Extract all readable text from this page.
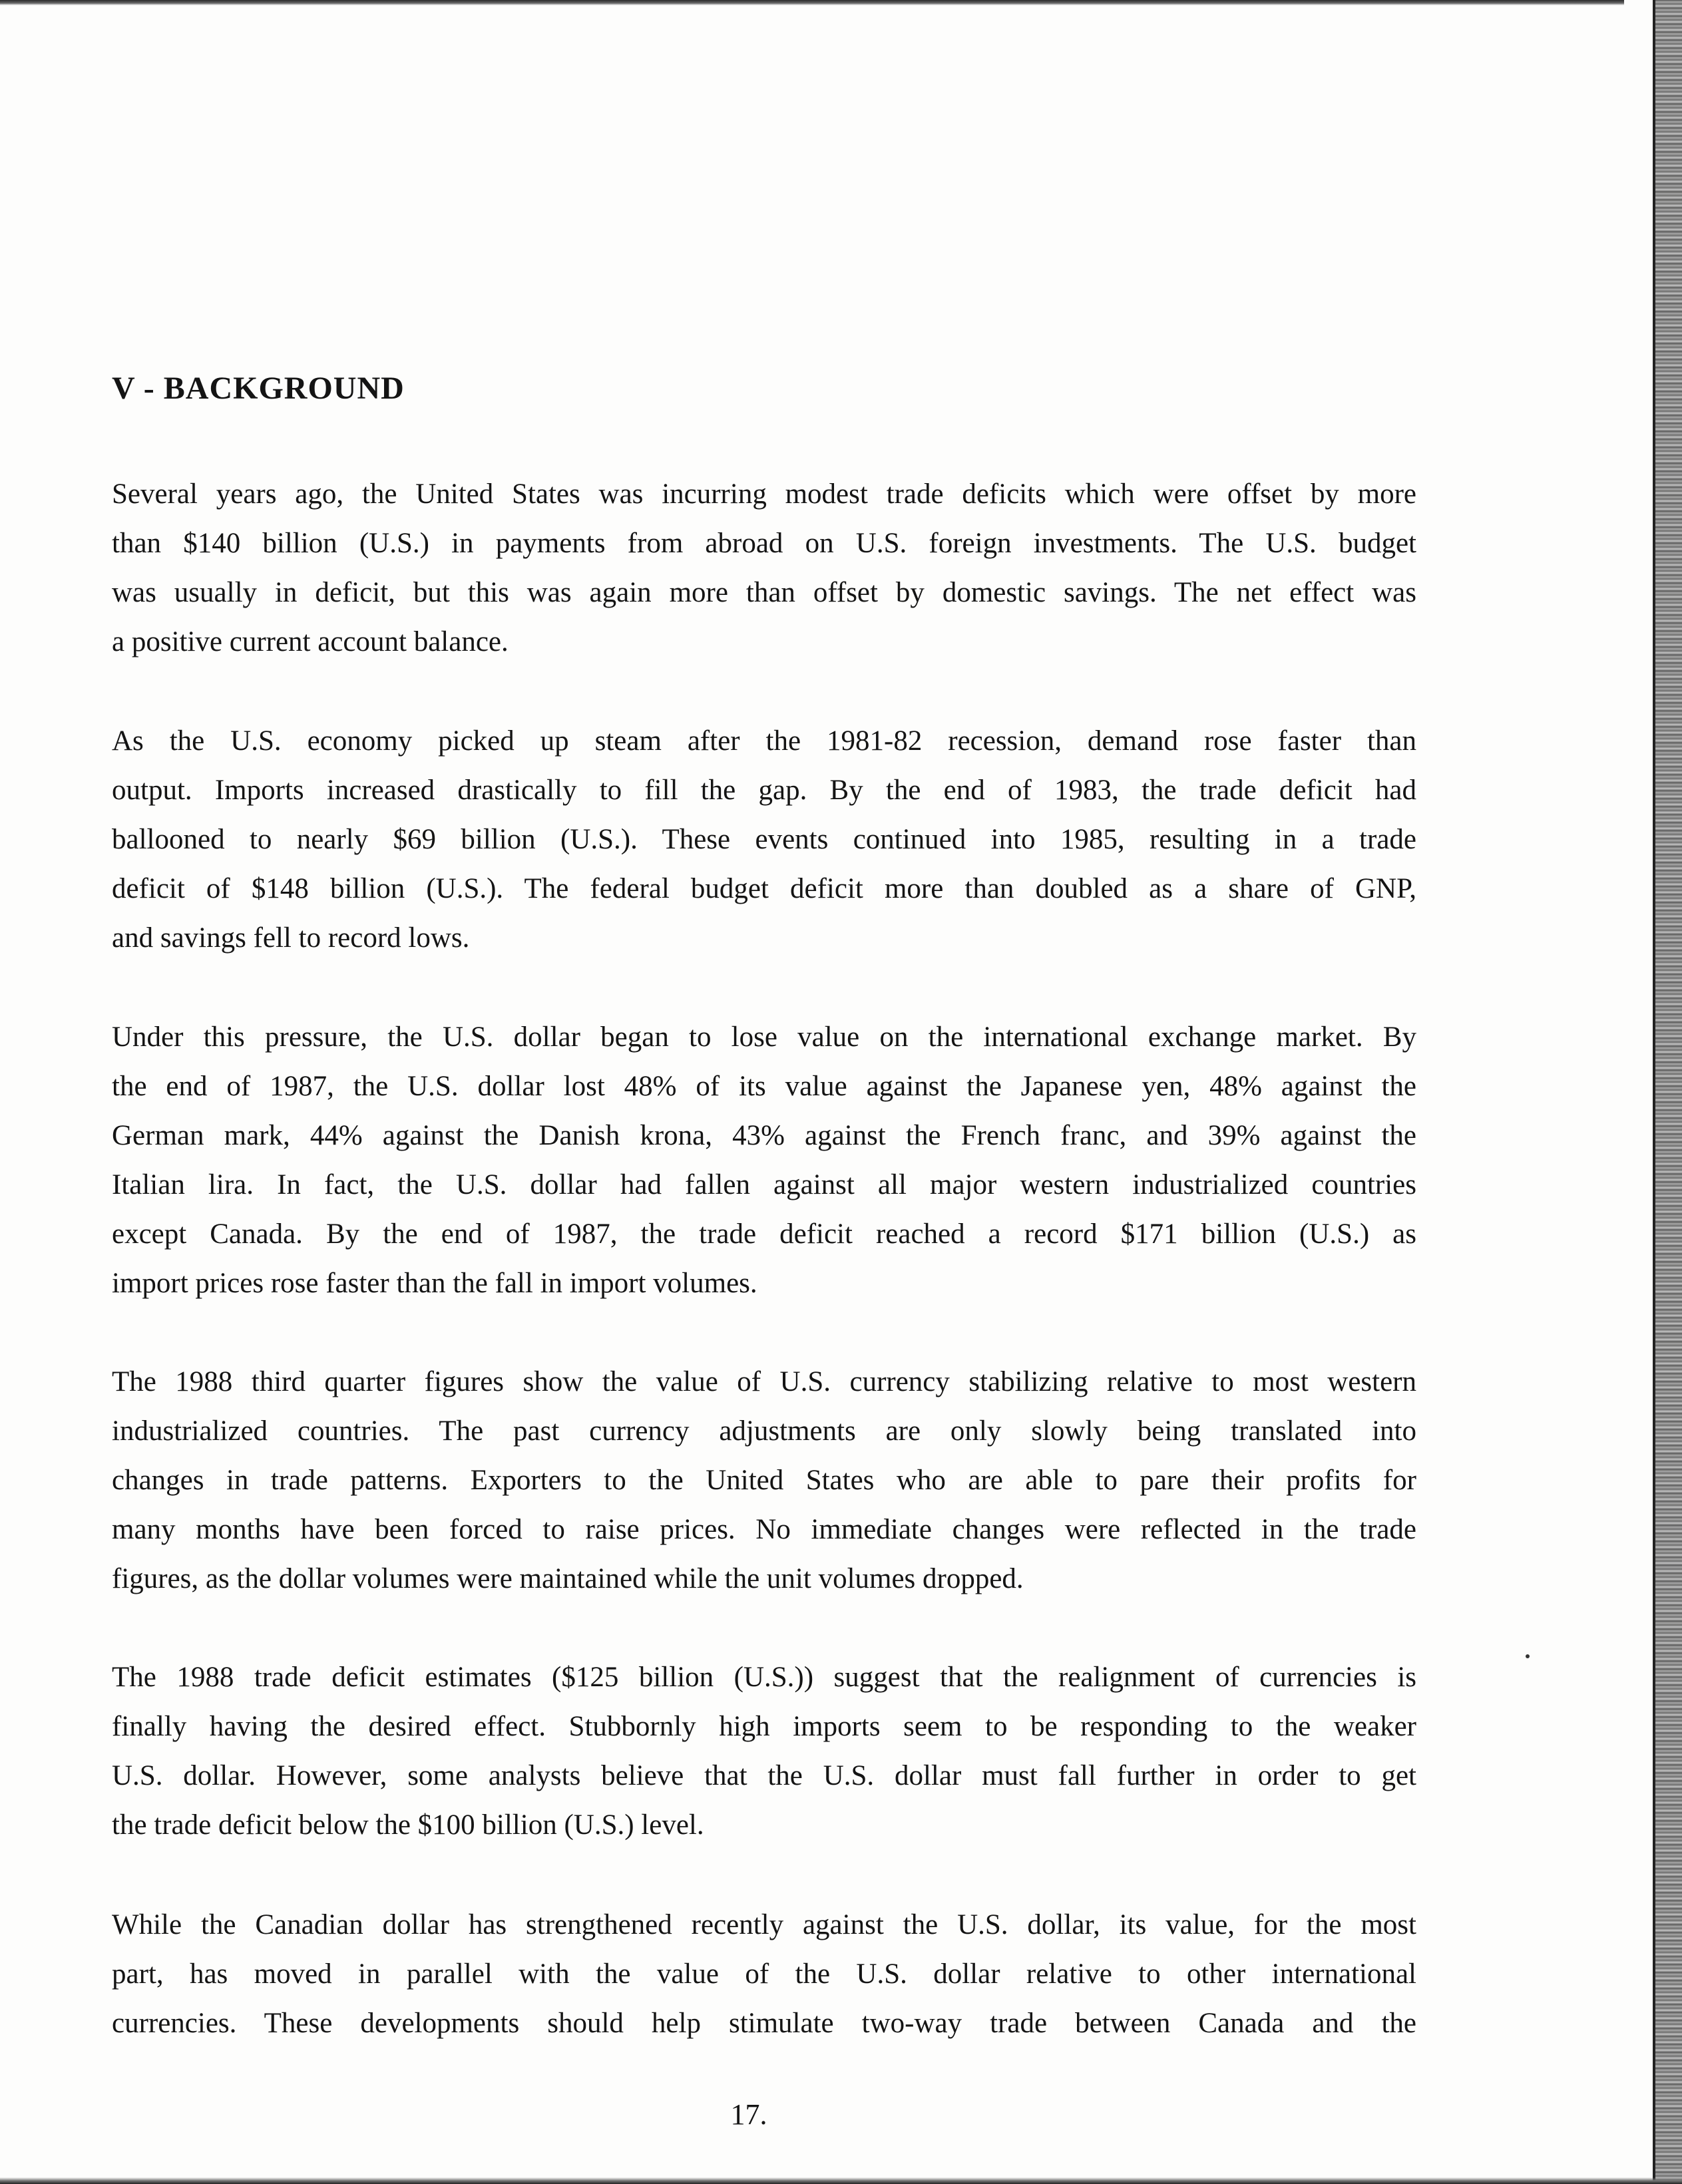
V - BACKGROUND
Several years ago, the United States was incurring modest trade deficits which were offset by more
than $140 billion (U.S.) in payments from abroad on U.S. foreign investments. The U.S. budget
was usually in deficit, but this was again more than offset by domestic savings. The net effect was
a positive current account balance.
As the U.S. economy picked up steam after the 1981-82 recession, demand rose faster than
output. Imports increased drastically to fill the gap. By the end of 1983, the trade deficit had
ballooned to nearly $69 billion (U.S.). These events continued into 1985, resulting in a trade
deficit of $148 billion (U.S.). The federal budget deficit more than doubled as a share of GNP,
and savings fell to record lows.
Under this pressure, the U.S. dollar began to lose value on the international exchange market. By
the end of 1987, the U.S. dollar lost 48% of its value against the Japanese yen, 48% against the
German mark, 44% against the Danish krona, 43% against the French franc, and 39% against the
Italian lira. In fact, the U.S. dollar had fallen against all major western industrialized countries
except Canada. By the end of 1987, the trade deficit reached a record $171 billion (U.S.) as
import prices rose faster than the fall in import volumes.
The 1988 third quarter figures show the value of U.S. currency stabilizing relative to most western
industrialized countries. The past currency adjustments are only slowly being translated into
changes in trade patterns. Exporters to the United States who are able to pare their profits for
many months have been forced to raise prices. No immediate changes were reflected in the trade
figures, as the dollar volumes were maintained while the unit volumes dropped.
The 1988 trade deficit estimates ($125 billion (U.S.)) suggest that the realignment of currencies is
finally having the desired effect. Stubbornly high imports seem to be responding to the weaker
U.S. dollar. However, some analysts believe that the U.S. dollar must fall further in order to get
the trade deficit below the $100 billion (U.S.) level.
While the Canadian dollar has strengthened recently against the U.S. dollar, its value, for the most
part, has moved in parallel with the value of the U.S. dollar relative to other international
currencies. These developments should help stimulate two-way trade between Canada and the
17.
